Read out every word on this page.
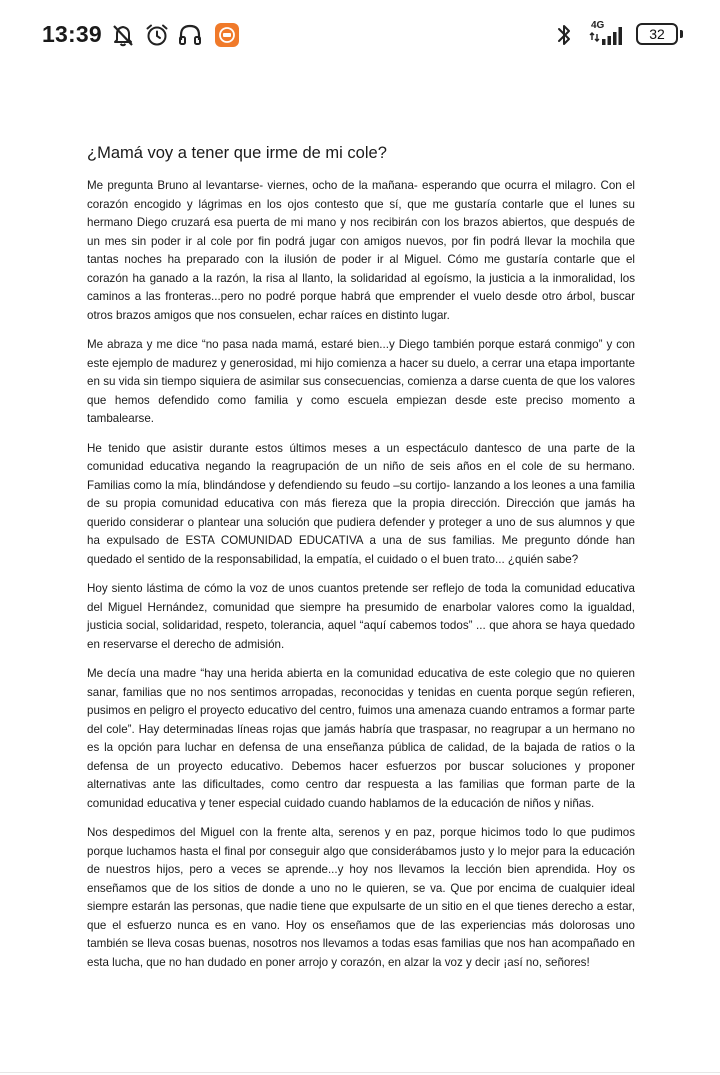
13:39	4G
32
¿Mamá voy a tener que irme de mi cole?

Me pregunta Bruno al levantarse- viernes, ocho de la mañana- esperando que ocurra el milagro. Con el corazón encogido y lágrimas en los ojos contesto que sí, que me gustaría contarle que el lunes su hermano Diego cruzará esa puerta de mi mano y nos recibirán con los brazos abiertos, que después de un mes sin poder ir al cole por fin podrá jugar con amigos nuevos, por fin podrá llevar la mochila que tantas noches ha preparado con la ilusión de poder ir al Miguel. Cómo me gustaría contarle que el corazón ha ganado a la razón, la risa al llanto, la solidaridad al egoísmo, la justicia a la inmoralidad, los caminos a las fronteras...pero no podré porque habrá que emprender el vuelo desde otro árbol, buscar otros brazos amigos que nos consuelen, echar raíces en distinto lugar.

Me abraza y me dice “no pasa nada mamá, estaré bien...y Diego también porque estará conmigo” y con este ejemplo de madurez y generosidad, mi hijo comienza a hacer su duelo, a cerrar una etapa importante en su vida sin tiempo siquiera de asimilar sus consecuencias, comienza a darse cuenta de que los valores que hemos defendido como familia y como escuela empiezan desde este preciso momento a tambalearse.

He tenido que asistir durante estos últimos meses a un espectáculo dantesco de una parte de la comunidad educativa negando la reagrupación de un niño de seis años en el cole de su hermano. Familias como la mía, blindándose y defendiendo su feudo –su cortijo- lanzando a los leones a una familia de su propia comunidad educativa con más fiereza que la propia dirección. Dirección que jamás ha querido considerar o plantear una solución que pudiera defender y proteger a uno de sus alumnos y que ha expulsado de ESTA COMUNIDAD EDUCATIVA a una de sus familias. Me pregunto dónde han quedado el sentido de la responsabilidad, la empatía, el cuidado o el buen trato... ¿quién sabe?

Hoy siento lástima de cómo la voz de unos cuantos pretende ser reflejo de toda la comunidad educativa del Miguel Hernández, comunidad que siempre ha presumido de enarbolar valores como la igualdad, justicia social, solidaridad, respeto, tolerancia, aquel “aquí cabemos todos” ... que ahora se haya quedado en reservarse el derecho de admisión.

Me decía una madre “hay una herida abierta en la comunidad educativa de este colegio que no quieren sanar, familias que no nos sentimos arropadas, reconocidas y tenidas en cuenta porque según refieren, pusimos en peligro el proyecto educativo del centro, fuimos una amenaza cuando entramos a formar parte del cole”. Hay determinadas líneas rojas que jamás habría que traspasar, no reagrupar a un hermano no es la opción para luchar en defensa de una enseñanza pública de calidad, de la bajada de ratios o la defensa de un proyecto educativo. Debemos hacer esfuerzos por buscar soluciones y proponer alternativas ante las dificultades, como centro dar respuesta a las familias que forman parte de la comunidad educativa y tener especial cuidado cuando hablamos de la educación de niños y niñas.

Nos despedimos del Miguel con la frente alta, serenos y en paz, porque hicimos todo lo que pudimos porque luchamos hasta el final por conseguir algo que considerábamos justo y lo mejor para la educación de nuestros hijos, pero a veces se aprende...y hoy nos llevamos la lección bien aprendida. Hoy os enseñamos que de los sitios de donde a uno no le quieren, se va. Que por encima de cualquier ideal siempre estarán las personas, que nadie tiene que expulsarte de un sitio en el que tienes derecho a estar, que el esfuerzo nunca es en vano. Hoy os enseñamos que de las experiencias más dolorosas uno también se lleva cosas buenas, nosotros nos llevamos a todas esas familias que nos han acompañado en esta lucha, que no han dudado en poner arrojo y corazón, en alzar la voz y decir ¡así no, señores!
